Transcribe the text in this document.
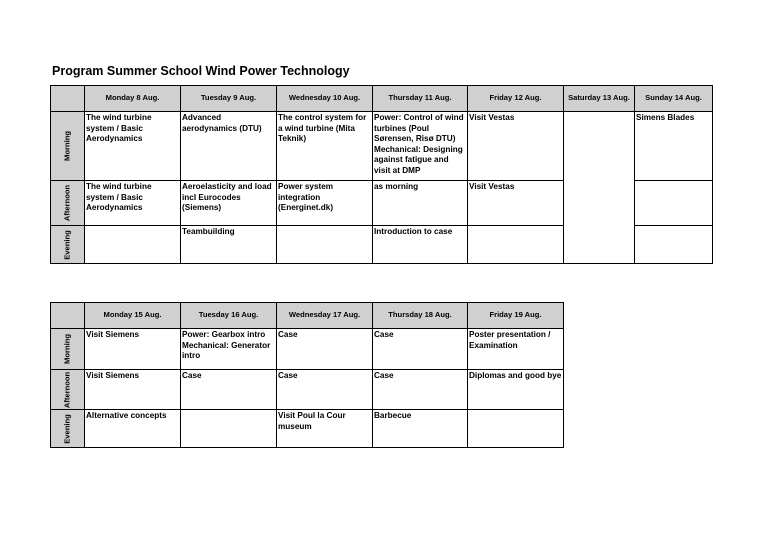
Program Summer School Wind Power Technology
	Monday 8 Aug.	Tuesday 9 Aug.	Wednesday 10 Aug.	Thursday 11 Aug.	Friday 12 Aug.	Saturday 13 Aug.	Sunday 14 Aug.

Morning	The wind turbine system / Basic Aerodynamics	Advanced aerodynamics (DTU)	The control system for a wind turbine (Mita Teknik)	Power: Control of wind turbines (Poul Sørensen, Risø DTU) Mechanical: Designing against fatigue and visit at DMP	Visit Vestas		Simens Blades

Afternoon	The wind turbine system / Basic Aerodynamics	Aeroelasticity and load incl Eurocodes (Siemens)	Power system integration (Energinet.dk)	as morning	Visit Vestas		

Evening		Teambuilding		Introduction to case			
	Monday 15 Aug.	Tuesday 16 Aug.	Wednesday 17 Aug.	Thursday 18 Aug.	Friday 19 Aug.

Morning	Visit Siemens	Power: Gearbox intro Mechanical: Generator intro	Case	Case	Poster presentation / Examination

Afternoon	Visit Siemens	Case	Case	Case	Diplomas and good bye

Evening	Alternative concepts		Visit Poul la Cour museum	Barbecue	
